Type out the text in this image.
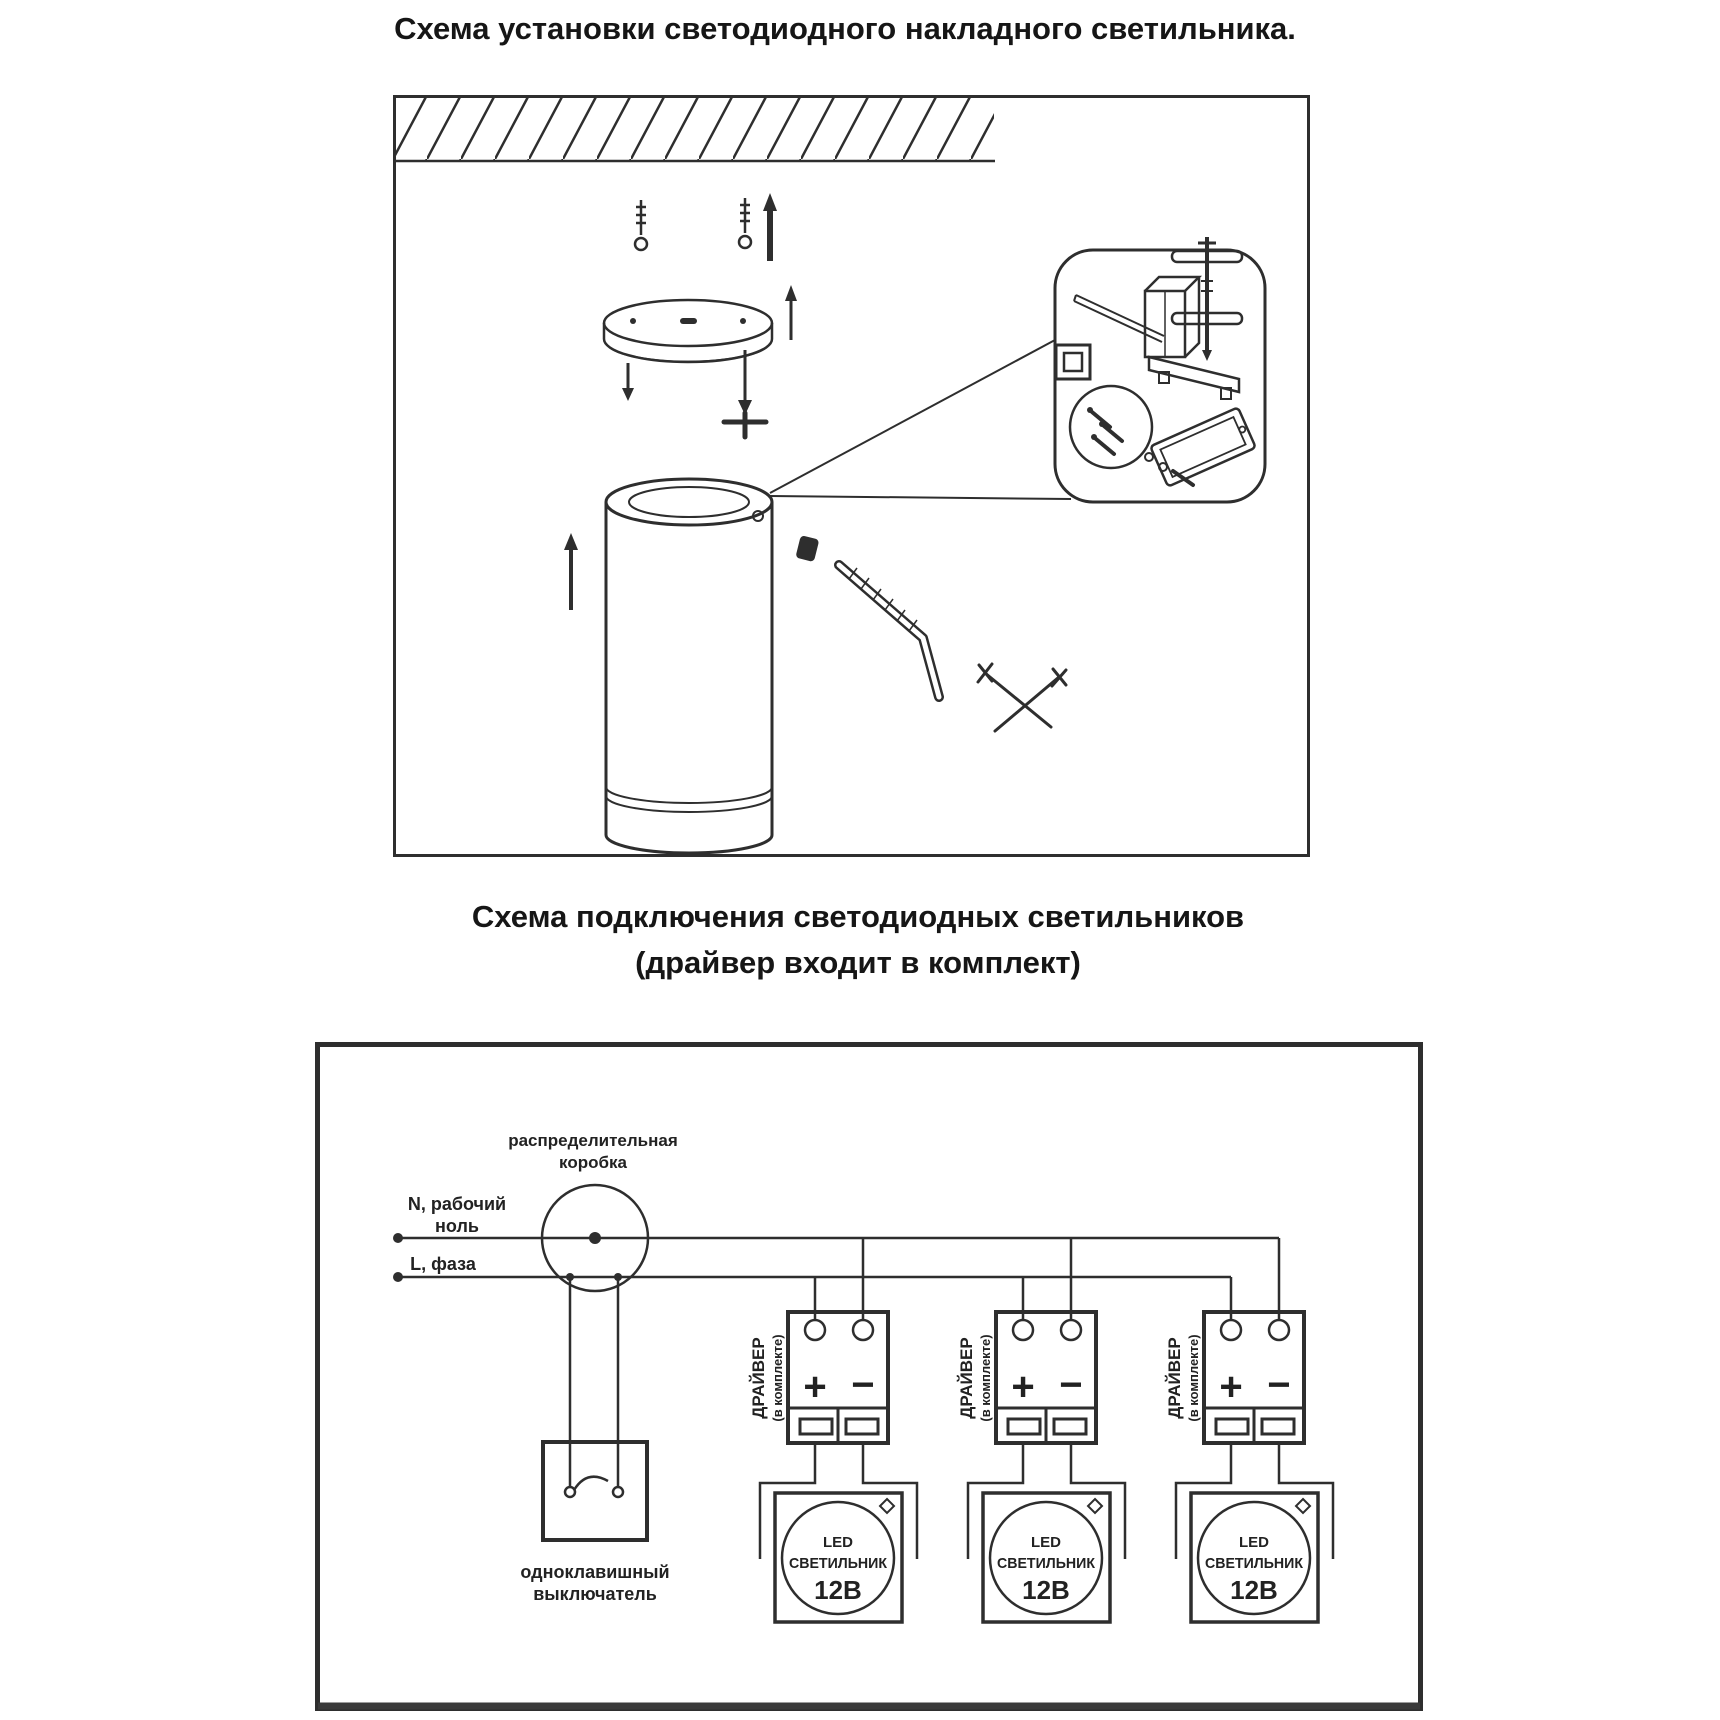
Схема установки светодиодного накладного светильника.
Схема подключения светодиодных светильников
(драйвер входит в комплект)
распределительная
коробка
N, рабочий
ноль
L, фаза
одноклавишный
выключатель
+ −
ДРАЙВЕР (в комплекте)
LED
СВЕТИЛЬНИК
12В
+ −
ДРАЙВЕР (в комплекте)
LED
СВЕТИЛЬНИК
12В
+ −
ДРАЙВЕР (в комплекте)
LED
СВЕТИЛЬНИК
12В
